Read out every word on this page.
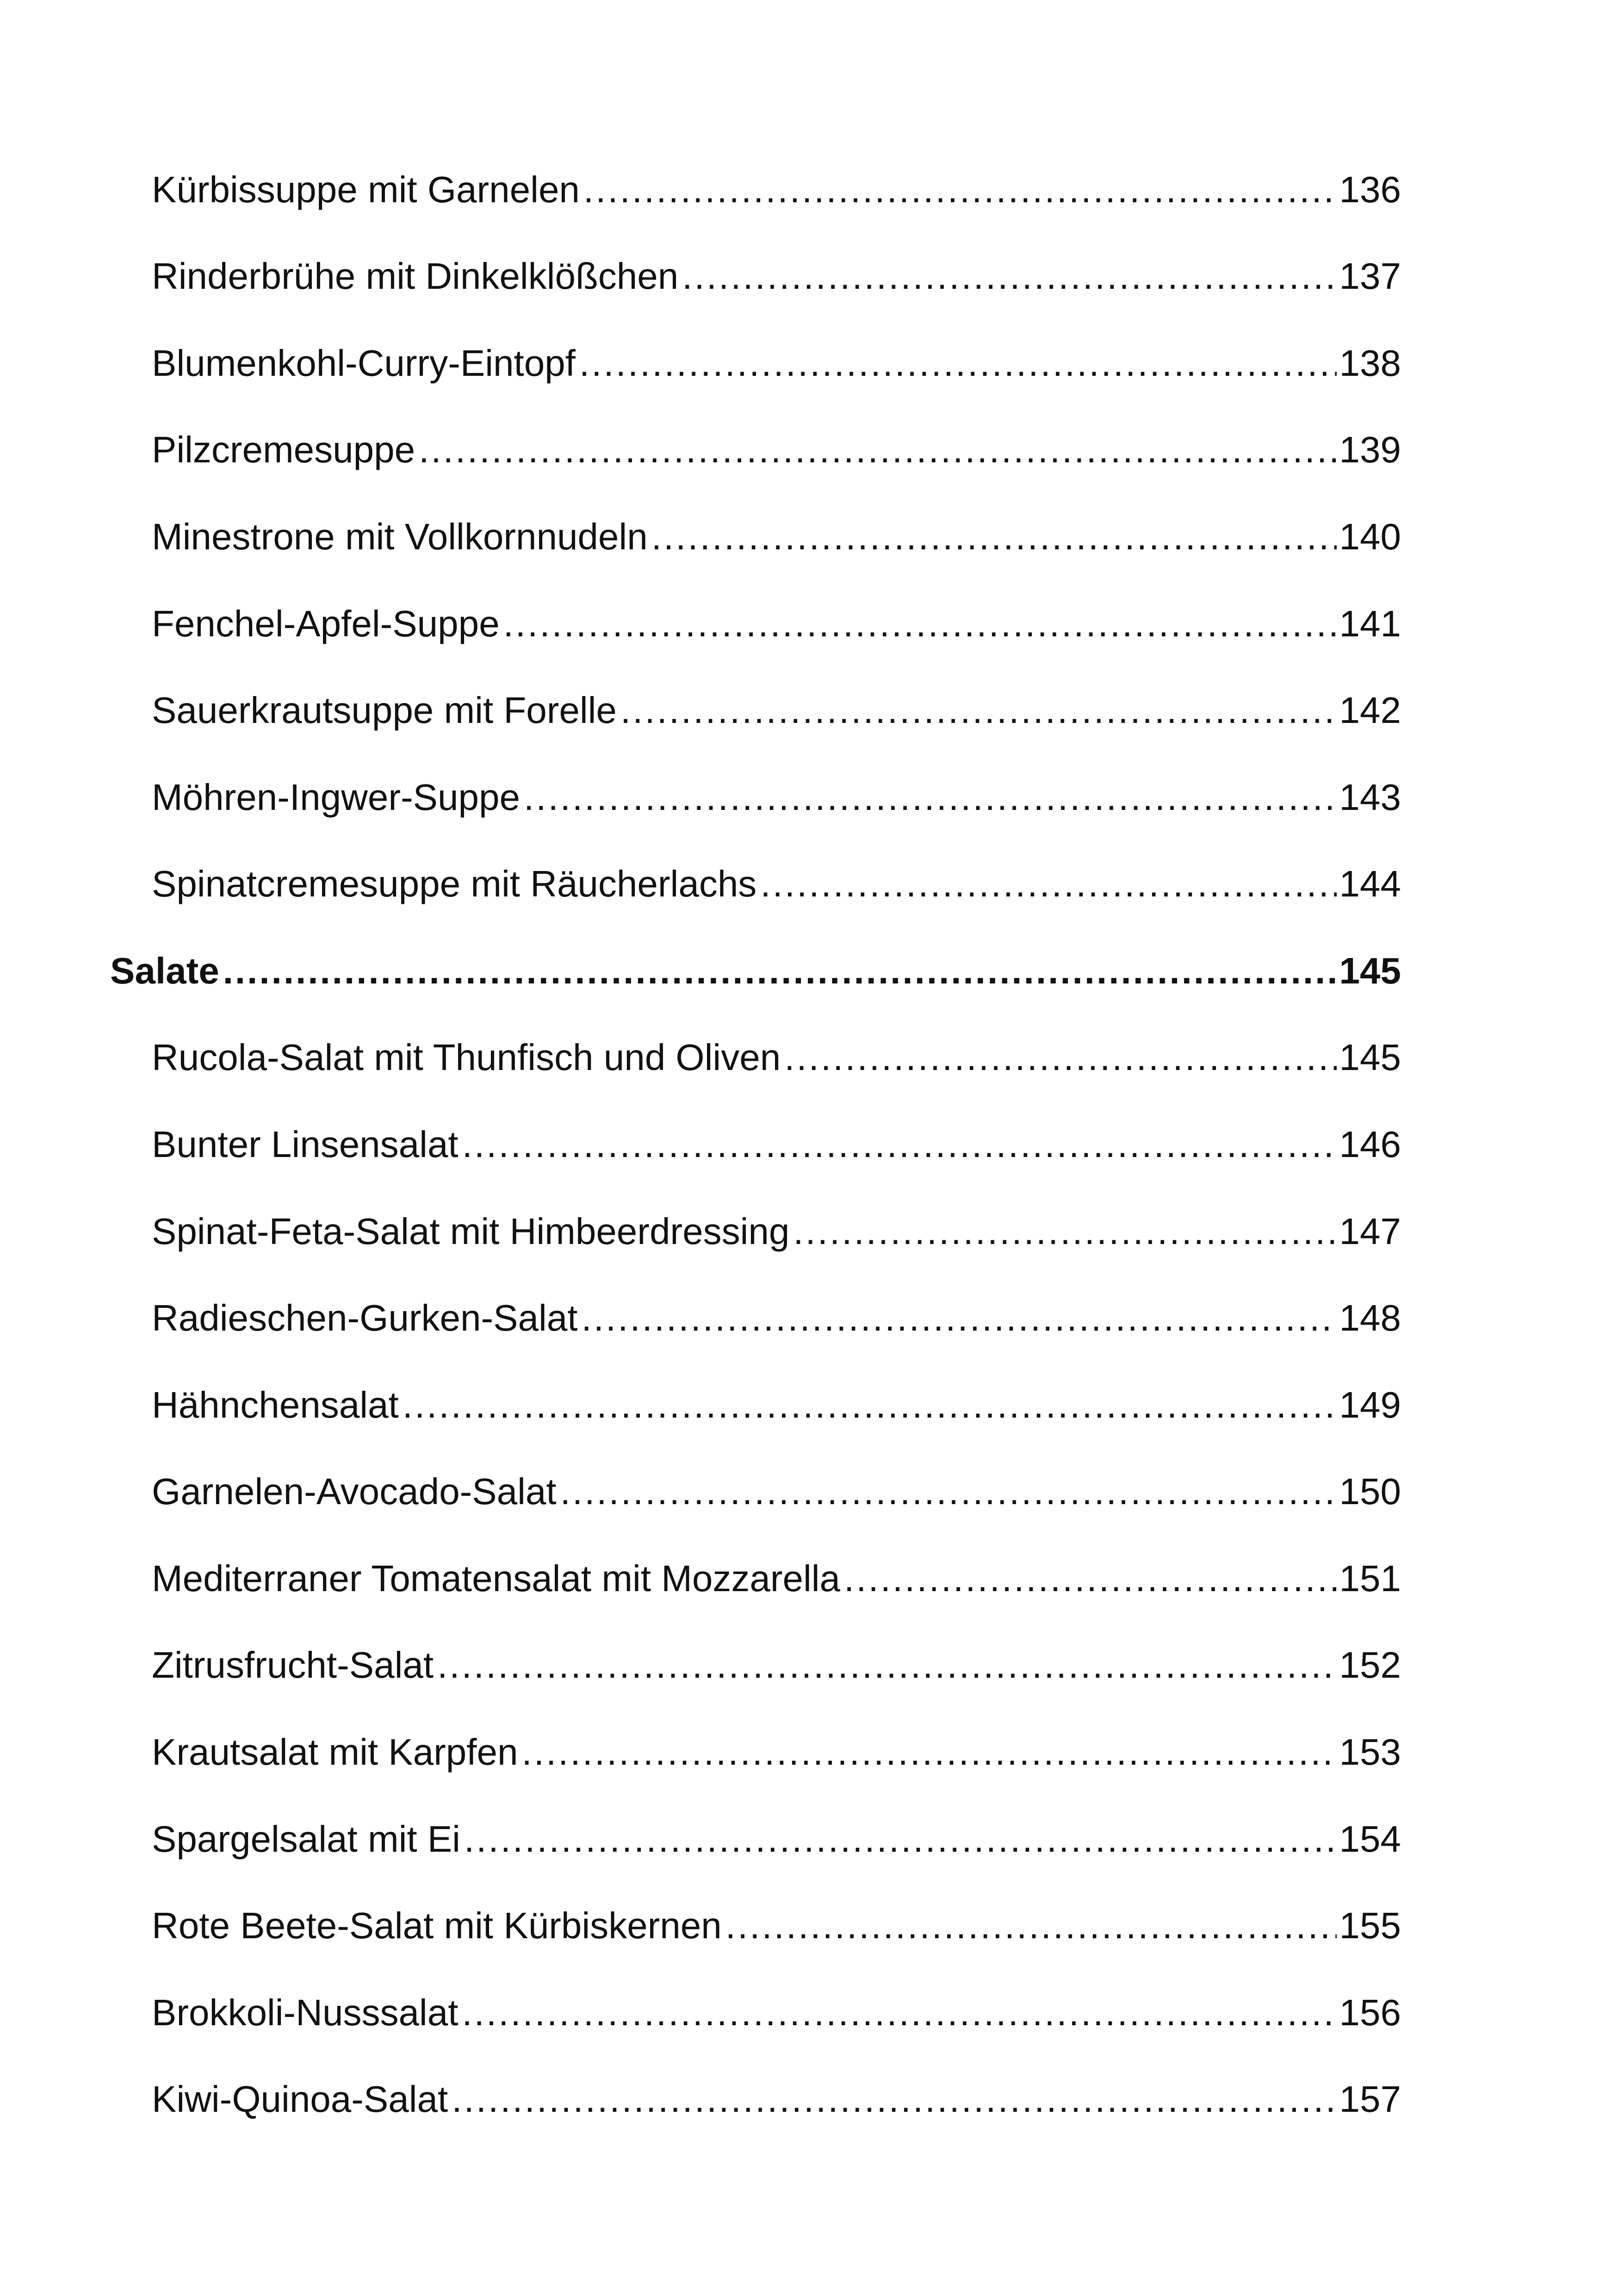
Kürbissuppe mit Garnelen .....	136
Rinderbrühe mit Dinkelklößchen .....	137
Blumenkohl-Curry-Eintopf .....	138
Pilzcremesuppe .....	139
Minestrone mit Vollkornnudeln .....	140
Fenchel-Apfel-Suppe .....	141
Sauerkrautsuppe mit Forelle .....	142
Möhren-Ingwer-Suppe .....	143
Spinatcremesuppe mit Räucherlachs .....	144
Salate .....	145
Rucola-Salat mit Thunfisch und Oliven .....	145
Bunter Linsensalat .....	146
Spinat-Feta-Salat mit Himbeerdressing .....	147
Radieschen-Gurken-Salat .....	148
Hähnchensalat .....	149
Garnelen-Avocado-Salat .....	150
Mediterraner Tomatensalat mit Mozzarella .....	151
Zitrusfrucht-Salat .....	152
Krautsalat mit Karpfen .....	153
Spargelsalat mit Ei .....	154
Rote Beete-Salat mit Kürbiskernen .....	155
Brokkoli-Nusssalat .....	156
Kiwi-Quinoa-Salat .....	157
